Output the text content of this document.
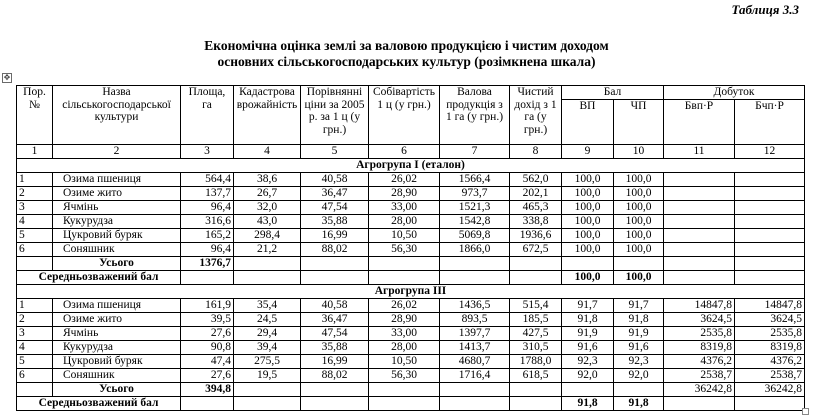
Таблиця 3.3
Економічна оцінка землі за валовою продукцією і чистим доходом
основних сільськогосподарських культур (розімкнена шкала)
✥
Пор. №	Назва сільськогосподарської культури	Площа, га	Кадастрова врожайність	Порівнянні ціни за 2005 р. за 1 ц (у грн.)	Собівартість 1 ц (у грн.)	Валова продукція з 1 га (у грн.)	Чистий дохід з 1 га (у грн.)	Бал		Добуток	
								ВП	ЧП	Бвп·Р	Бчп·Р
1	2	3	4	5	6	7	8	9	10	11	12
Агрогрупа І (еталон)											
1	Озима пшениця	564,4	38,6	40,58	26,02	1566,4	562,0	100,0	100,0		
2	Озиме жито	137,7	26,7	36,47	28,90	973,7	202,1	100,0	100,0		
3	Ячмінь	96,4	32,0	47,54	33,00	1521,3	465,3	100,0	100,0		
4	Кукурудза	316,6	43,0	35,88	28,00	1542,8	338,8	100,0	100,0		
5	Цукровий буряк	165,2	298,4	16,99	10,50	5069,8	1936,6	100,0	100,0		
6	Соняшник	96,4	21,2	88,02	56,30	1866,0	672,5	100,0	100,0		
	Усього	1376,7									
Середньозважений бал								100,0	100,0		
Агрогрупа ІІІ											
1	Озима пшениця	161,9	35,4	40,58	26,02	1436,5	515,4	91,7	91,7	14847,8	14847,8
2	Озиме жито	39,5	24,5	36,47	28,90	893,5	185,5	91,8	91,8	3624,5	3624,5
3	Ячмінь	27,6	29,4	47,54	33,00	1397,7	427,5	91,9	91,9	2535,8	2535,8
4	Кукурудза	90,8	39,4	35,88	28,00	1413,7	310,5	91,6	91,6	8319,8	8319,8
5	Цукровий буряк	47,4	275,5	16,99	10,50	4680,7	1788,0	92,3	92,3	4376,2	4376,2
6	Соняшник	27,6	19,5	88,02	56,30	1716,4	618,5	92,0	92,0	2538,7	2538,7
	Усього	394,8								36242,8	36242,8
Середньозважений бал								91,8	91,8		
